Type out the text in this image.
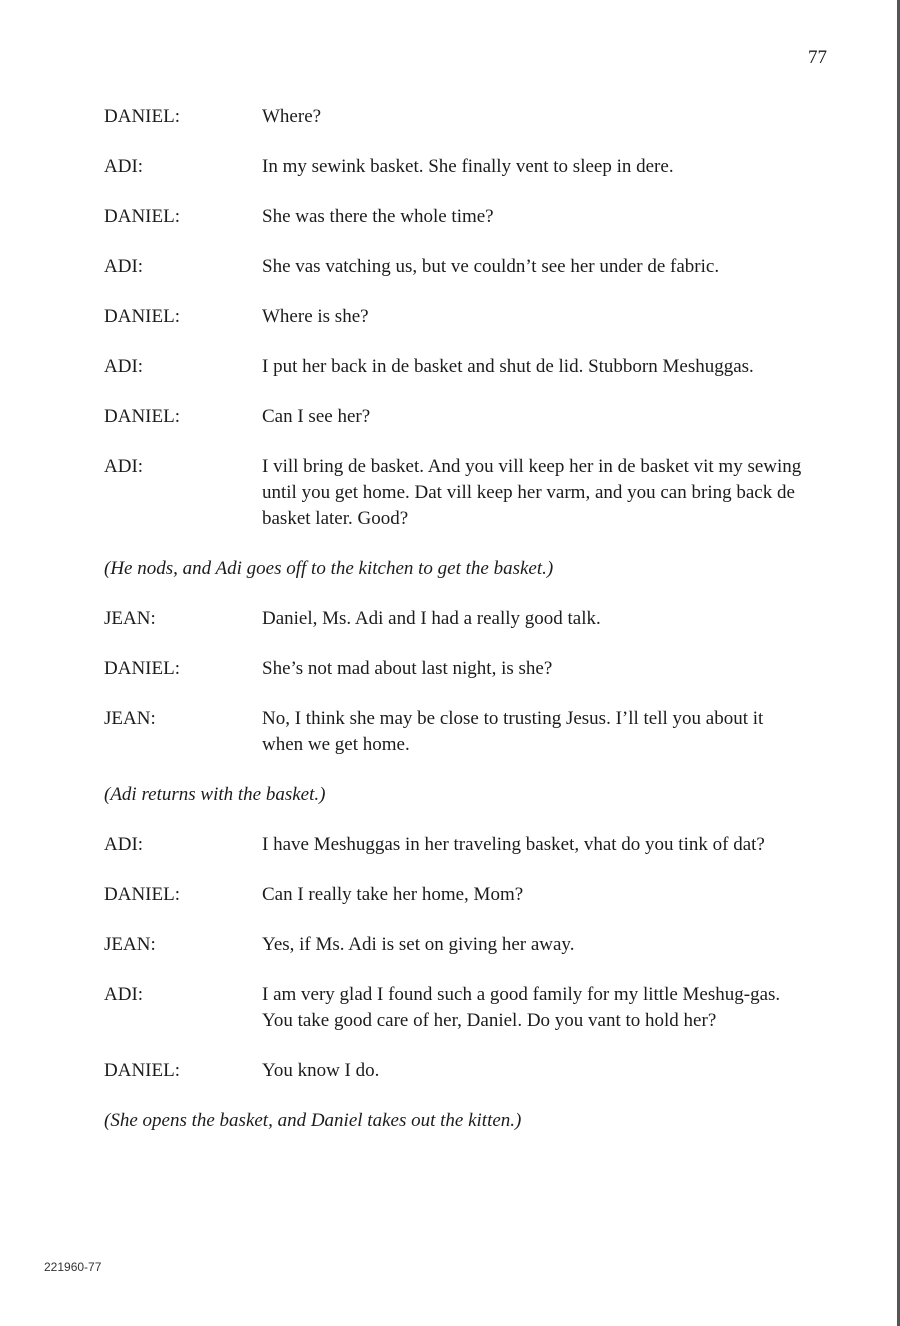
77
DANIEL:	Where?
ADI:	In my sewink basket. She finally vent to sleep in dere.
DANIEL:	She was there the whole time?
ADI:	She vas vatching us, but ve couldn’t see her under de fabric.
DANIEL:	Where is she?
ADI:	I put her back in de basket and shut de lid. Stubborn Meshuggas.
DANIEL:	Can I see her?
ADI:	I vill bring de basket. And you vill keep her in de basket vit my sewing until you get home. Dat vill keep her varm, and you can bring back de basket later. Good?
(He nods, and Adi goes off to the kitchen to get the basket.)
JEAN:	Daniel, Ms. Adi and I had a really good talk.
DANIEL:	She’s not mad about last night, is she?
JEAN:	No, I think she may be close to trusting Jesus. I’ll tell you about it when we get home.
(Adi returns with the basket.)
ADI:	I have Meshuggas in her traveling basket, vhat do you tink of dat?
DANIEL:	Can I really take her home, Mom?
JEAN:	Yes, if Ms. Adi is set on giving her away.
ADI:	I am very glad I found such a good family for my little Meshug-gas. You take good care of her, Daniel. Do you vant to hold her?
DANIEL:	You know I do.
(She opens the basket, and Daniel takes out the kitten.)
221960-77
